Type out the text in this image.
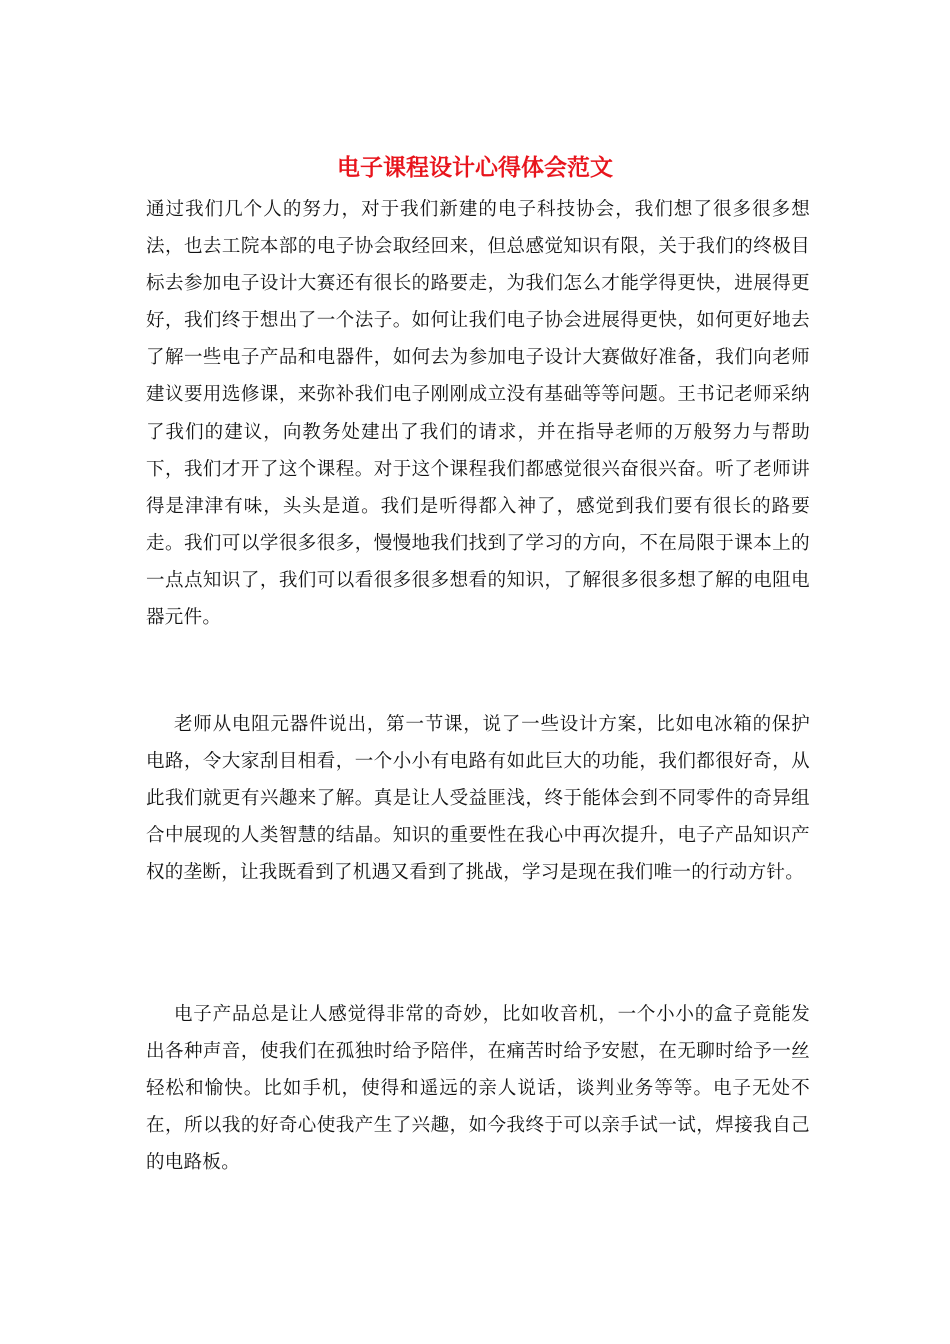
电子课程设计心得体会范文

通过我们几个人的努力，对于我们新建的电子科技协会，我们想了很多很多想法，也去工院本部的电子协会取经回来，但总感觉知识有限，关于我们的终极目标去参加电子设计大赛还有很长的路要走，为我们怎么才能学得更快，进展得更好，我们终于想出了一个法子。如何让我们电子协会进展得更快，如何更好地去了解一些电子产品和电器件，如何去为参加电子设计大赛做好准备，我们向老师建议要用选修课，来弥补我们电子刚刚成立没有基础等等问题。王书记老师采纳了我们的建议，向教务处建出了我们的请求，并在指导老师的万般努力与帮助下，我们才开了这个课程。对于这个课程我们都感觉很兴奋很兴奋。听了老师讲得是津津有味，头头是道。我们是听得都入神了，感觉到我们要有很长的路要走。我们可以学很多很多，慢慢地我们找到了学习的方向，不在局限于课本上的一点点知识了，我们可以看很多很多想看的知识，了解很多很多想了解的电阻电器元件。

老师从电阻元器件说出，第一节课，说了一些设计方案，比如电冰箱的保护电路，令大家刮目相看，一个小小有电路有如此巨大的功能，我们都很好奇，从此我们就更有兴趣来了解。真是让人受益匪浅，终于能体会到不同零件的奇异组合中展现的人类智慧的结晶。知识的重要性在我心中再次提升，电子产品知识产权的垄断，让我既看到了机遇又看到了挑战，学习是现在我们唯一的行动方针。

电子产品总是让人感觉得非常的奇妙，比如收音机，一个小小的盒子竟能发出各种声音，使我们在孤独时给予陪伴，在痛苦时给予安慰，在无聊时给予一丝轻松和愉快。比如手机，使得和遥远的亲人说话，谈判业务等等。电子无处不在，所以我的好奇心使我产生了兴趣，如今我终于可以亲手试一试，焊接我自己的电路板。
